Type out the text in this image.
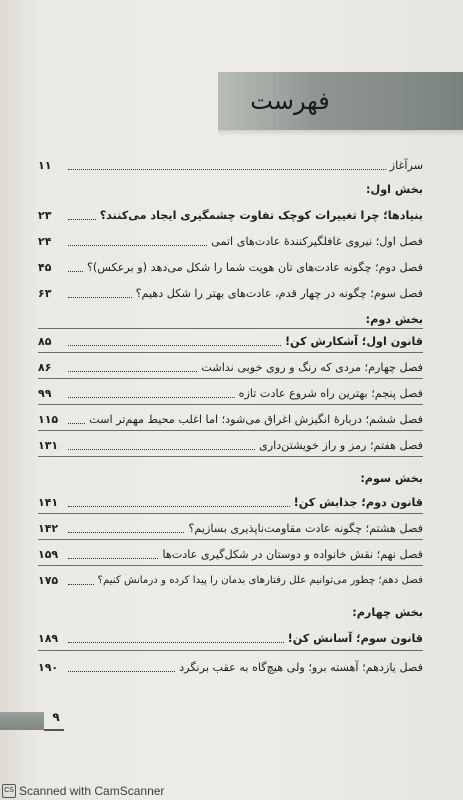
فهرست
سرآغاز
۱۱
بخش اول:
بنیادها؛ چرا تغییرات کوچک تفاوت چشمگیری ایجاد می‌کنند؟
۲۳
فصل اول؛ نیروی غافلگیرکنندهٔ عادت‌های اتمی
۲۴
فصل دوم؛ چگونه عادت‌های تان هویت شما را شکل می‌دهد (و برعکس)؟
۴۵
فصل سوم؛ چگونه در چهار قدم، عادت‌های بهتر را شکل دهیم؟
۶۳
بخش دوم:
قانون اول؛ آشکارش کن!
۸۵
فصل چهارم؛ مردی که رنگ و روی خوبی نداشت
۸۶
فصل پنجم؛ بهترین راه شروع عادت تازه
۹۹
فصل ششم؛ دربارهٔ انگیزش اغراق می‌شود؛ اما اغلب محیط مهم‌تر است
۱۱۵
فصل هفتم؛ رمز و راز خویشتن‌داری
۱۳۱
بخش سوم:
قانون دوم؛ جذابش کن!
۱۴۱
فصل هشتم؛ چگونه عادت مقاومت‌ناپذیری بسازیم؟
۱۴۲
فصل نهم؛ نقش خانواده و دوستان در شکل‌گیری عادت‌ها
۱۵۹
فصل دهم؛ چطور می‌توانیم علل رفتارهای بدمان را پیدا کرده و درمانش کنیم؟
۱۷۵
بخش چهارم:
قانون سوم؛ آسانش کن!
۱۸۹
فصل یازدهم؛ آهسته برو؛ ولی هیچ‌گاه به عقب برنگرد
۱۹۰
۹
CS Scanned with CamScanner
